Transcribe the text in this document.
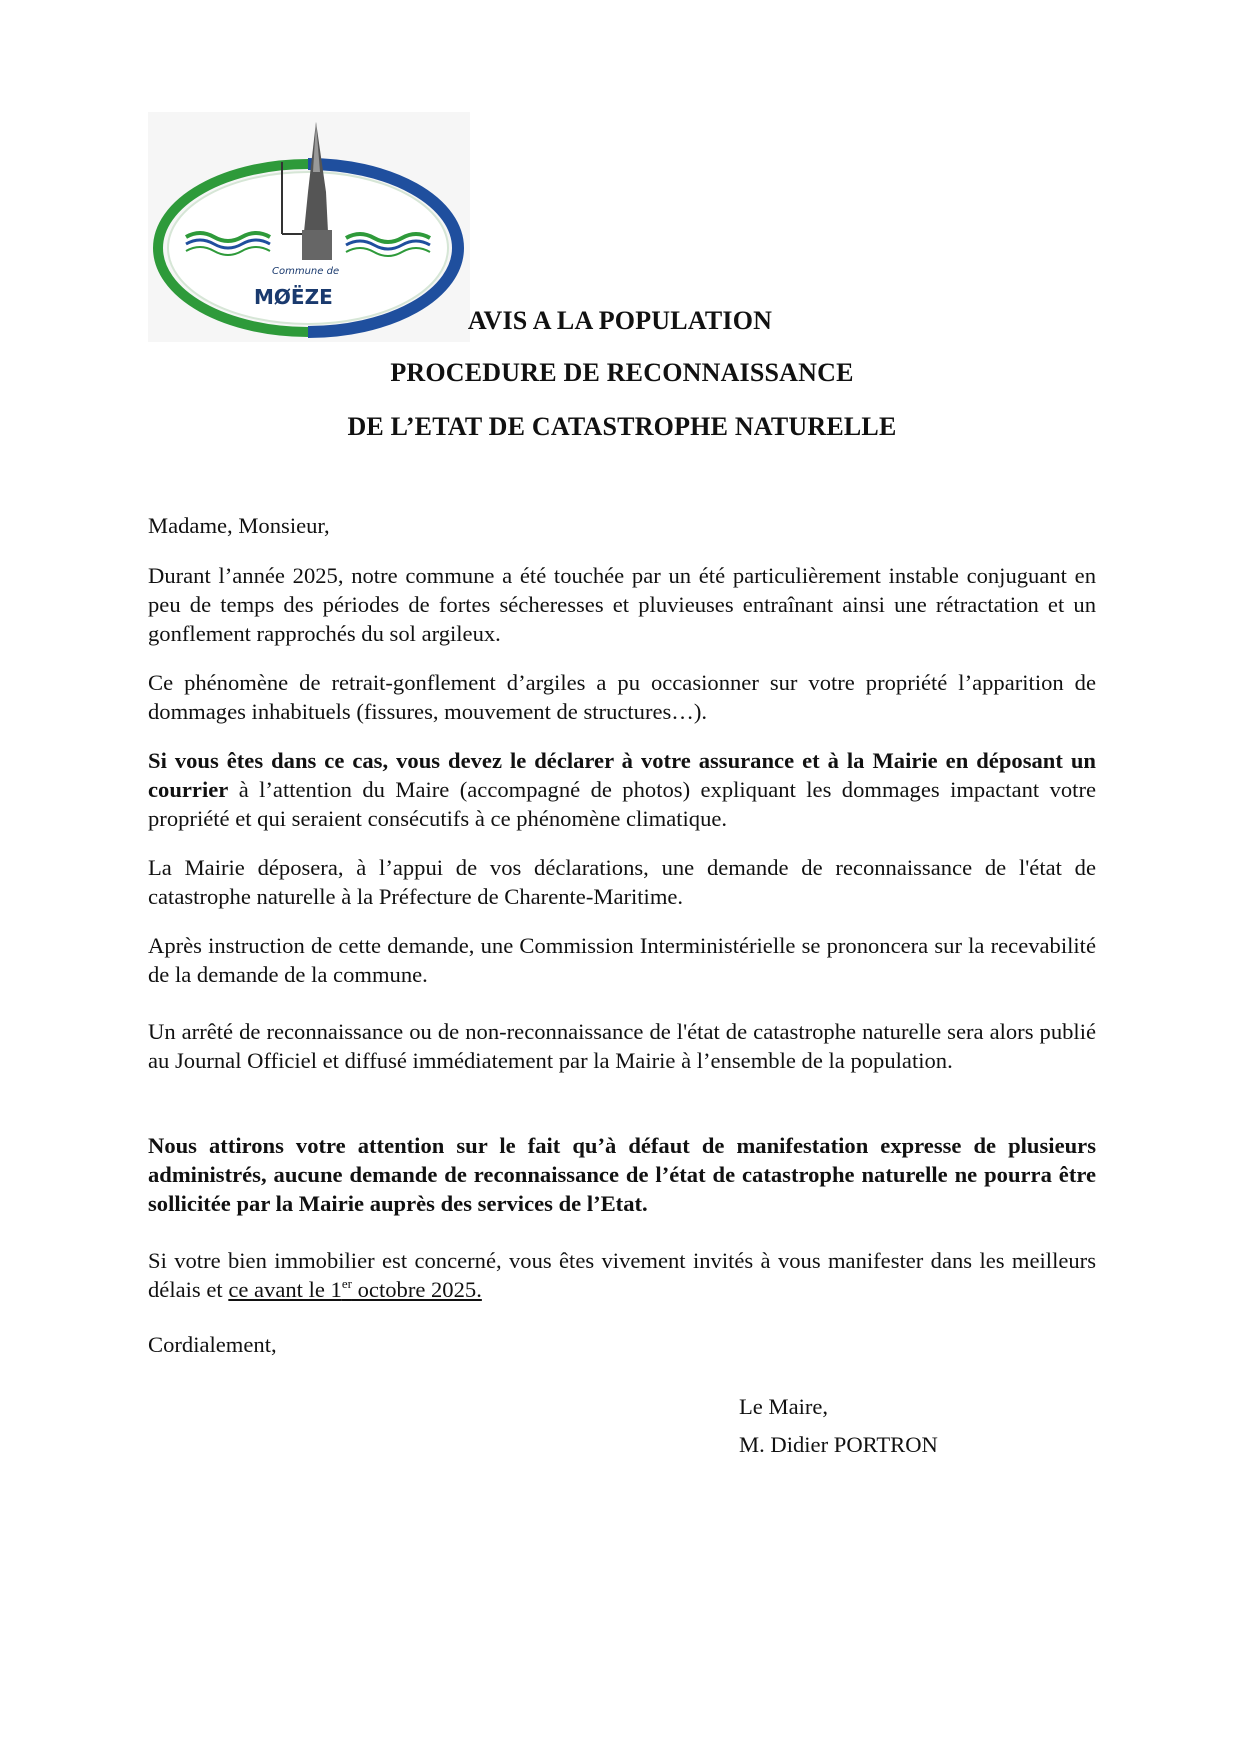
Commune de
MØËZE
AVIS A LA POPULATION
PROCEDURE DE RECONNAISSANCE
DE L’ETAT DE CATASTROPHE NATURELLE
Madame, Monsieur,

Durant l’année 2025, notre commune a été touchée par un été particulièrement instable conjuguant en peu de temps des périodes de fortes sécheresses et pluvieuses entraînant ainsi une rétractation et un gonflement rapprochés du sol argileux.

Ce phénomène de retrait-gonflement d’argiles a pu occasionner sur votre propriété l’apparition de dommages inhabituels (fissures, mouvement de structures…).

Si vous êtes dans ce cas, vous devez le déclarer à votre assurance et à la Mairie en déposant un courrier à l’attention du Maire (accompagné de photos) expliquant les dommages impactant votre propriété et qui seraient consécutifs à ce phénomène climatique.

La Mairie déposera, à l’appui de vos déclarations, une demande de reconnaissance de l'état de catastrophe naturelle à la Préfecture de Charente-Maritime.

Après instruction de cette demande, une Commission Interministérielle se prononcera sur la recevabilité de la demande de la commune.

Un arrêté de reconnaissance ou de non-reconnaissance de l'état de catastrophe naturelle sera alors publié au Journal Officiel et diffusé immédiatement par la Mairie à l’ensemble de la population.

Nous attirons votre attention sur le fait qu’à défaut de manifestation expresse de plusieurs administrés, aucune demande de reconnaissance de l’état de catastrophe naturelle ne pourra être sollicitée par la Mairie auprès des services de l’Etat.

Si votre bien immobilier est concerné, vous êtes vivement invités à vous manifester dans les meilleurs délais et ce avant le 1er octobre 2025.

Cordialement,
Le Maire,
M. Didier PORTRON
